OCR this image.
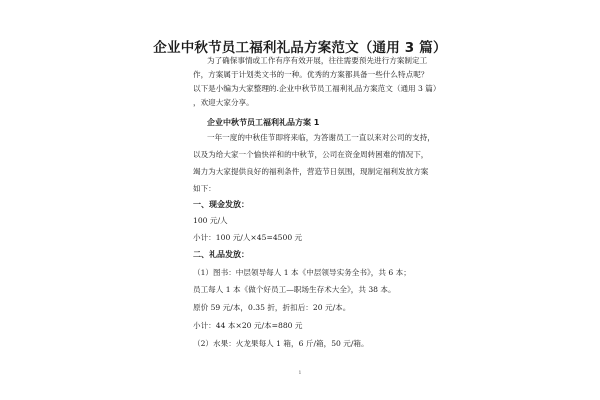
企业中秋节员工福利礼品方案范文（通用 3 篇）
为了确保事情或工作有序有效开展，往往需要预先进行方案制定工
作，方案属于计划类文书的一种。优秀的方案都具备一些什么特点呢？
以下是小编为大家整理的.企业中秋节员工福利礼品方案范文（通用 3 篇）
，欢迎大家分享。
企业中秋节员工福利礼品方案 1
一年一度的中秋佳节即将来临，为答谢员工一直以来对公司的支持，
以及为给大家一个愉快祥和的中秋节，公司在资金周转困难的情况下，
竭力为大家提供良好的福利条件，营造节日氛围，现制定福利发放方案
如下：
一、现金发放：
100 元/人
小计：100 元/人×45=4500 元
二、礼品发放：
（1）图书：中层领导每人 1 本《中层领导实务全书》，共 6 本；
员工每人 1 本《做个好员工—职场生存术大全》，共 38 本。
原价 59 元/本，0.35 折，折扣后：20 元/本。
小计：44 本×20 元/本=880 元
（2）水果：火龙果每人 1 箱，6 斤/箱，50 元/箱。
1
